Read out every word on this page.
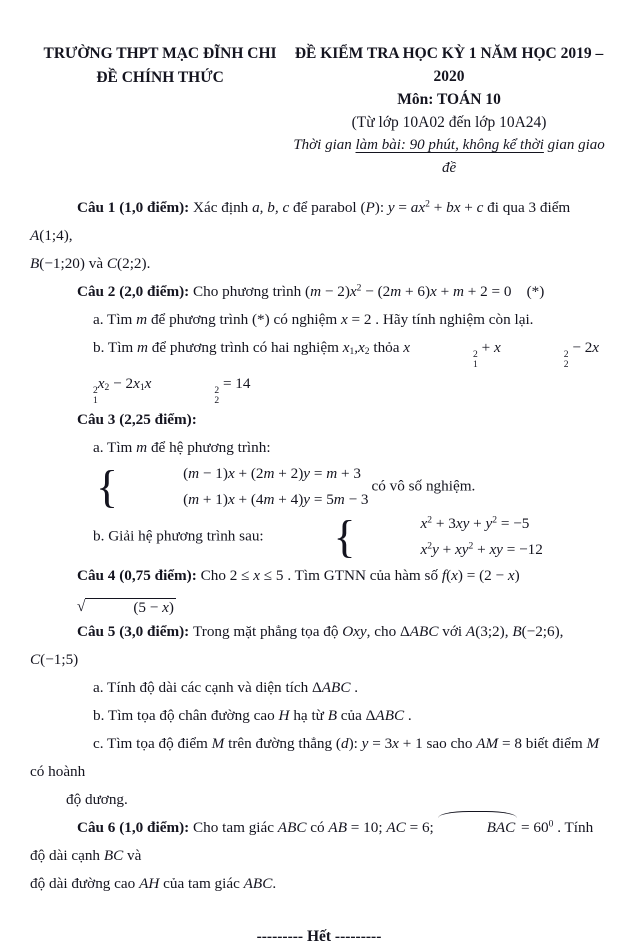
TRƯỜNG THPT MẠC ĐĨNH CHI
ĐỀ CHÍNH THỨC
ĐỀ KIỂM TRA HỌC KỲ 1 NĂM HỌC 2019 – 2020
Môn: TOÁN 10
(Từ lớp 10A02 đến lớp 10A24)
Thời gian làm bài: 90 phút, không kể thời gian giao đề

Câu 1 (1,0 điểm): Xác định a, b, c để parabol (P): $y = ax^2$ + bx + c đi qua 3 điểm A(1;4),

B(−1;20) và C(2;2).

Câu 2 (2,0 điểm): Cho phương trình $(m - 2)x^2 - (2m + 6)x + m + 2 = 0$    (*)

a. Tìm m để phương trình (*) có nghiệm x = 2 . Hãy tính nghiệm còn lại.

b. Tìm m để phương trình có hai nghiệm x1,x2 thỏa x	2
1
+ x	2
2
− 2x
2
1
x2 − 2x1x	2
2
= 14

Câu 3 (2,25 điểm):

a. Tìm m để hệ phương trình:
{	(m − 1)x + (2m + 2)y = m + 3
(m + 1)x + (4m + 4)y = 5m − 3
có vô số nghiệm.

b. Giải hệ phương trình sau:	{	$x^2 + 3xy + y^2 = -5$
$x^2y + xy^2$ + xy = −12

Câu 4 (0,75 điểm): Cho 2 ≤ x ≤ 5 . Tìm GTNN của hàm số f(x) = (2 − x)
√	(5 − x)

Câu 5 (3,0 điểm): Trong mặt phẳng tọa độ Oxy, cho ΔABC với A(3;2), B(−2;6), C(−1;5)

a. Tính độ dài các cạnh và diện tích ΔABC .

b. Tìm tọa độ chân đường cao H hạ từ B của ΔABC .

c. Tìm tọa độ điểm M trên đường thẳng (d): y = 3x + 1 sao cho AM = 8 biết điểm M có hoành

độ dương.

Câu 6 (1,0 điểm): Cho tam giác ABC có AB = 10; AC = 6;	BAC = $60^0$ . Tính độ dài cạnh BC và

độ dài đường cao AH của tam giác ABC.

--------- Hết ---------
